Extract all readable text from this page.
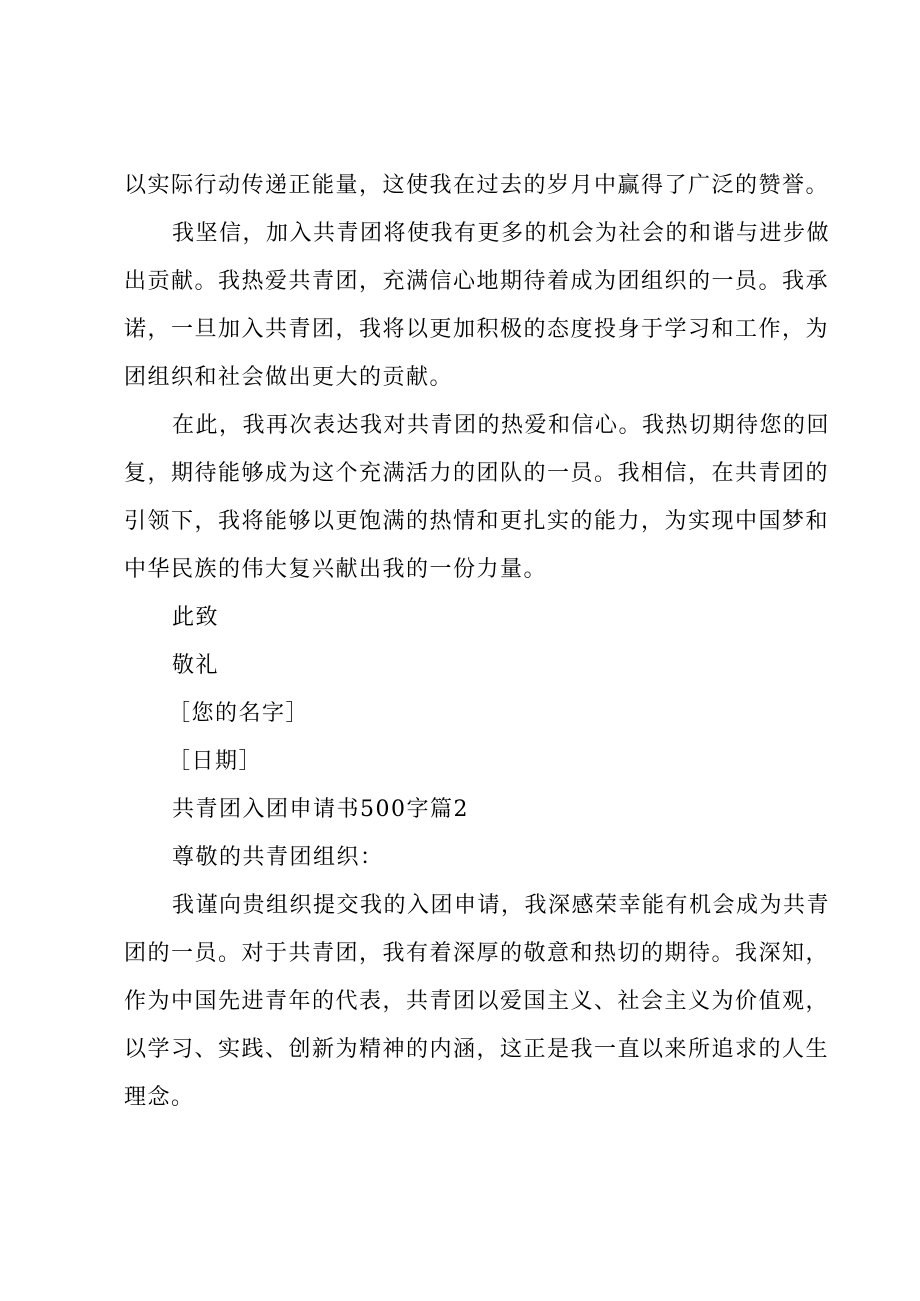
以实际行动传递正能量，这使我在过去的岁月中赢得了广泛的赞誉。
我坚信，加入共青团将使我有更多的机会为社会的和谐与进步做
出贡献。我热爱共青团，充满信心地期待着成为团组织的一员。我承
诺，一旦加入共青团，我将以更加积极的态度投身于学习和工作，为
团组织和社会做出更大的贡献。
在此，我再次表达我对共青团的热爱和信心。我热切期待您的回
复，期待能够成为这个充满活力的团队的一员。我相信，在共青团的
引领下，我将能够以更饱满的热情和更扎实的能力，为实现中国梦和
中华民族的伟大复兴献出我的一份力量。
此致
敬礼
［您的名字］
［日期］
共青团入团申请书500字篇2
尊敬的共青团组织：
我谨向贵组织提交我的入团申请，我深感荣幸能有机会成为共青
团的一员。对于共青团，我有着深厚的敬意和热切的期待。我深知，
作为中国先进青年的代表，共青团以爱国主义、社会主义为价值观，
以学习、实践、创新为精神的内涵，这正是我一直以来所追求的人生
理念。
